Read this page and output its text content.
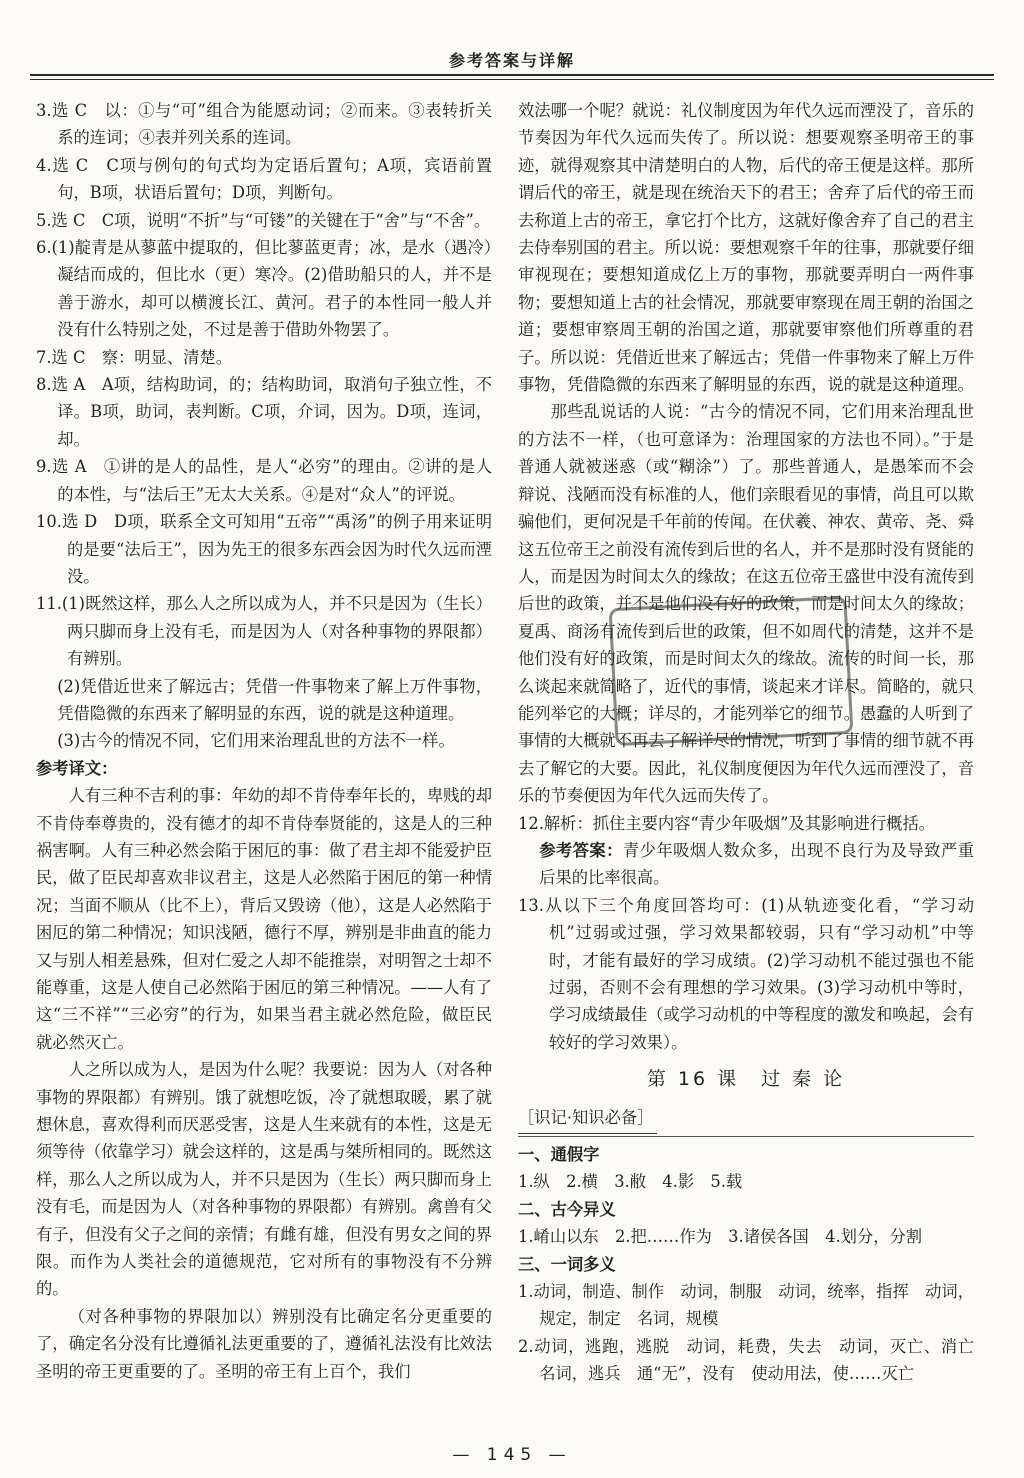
参考答案与详解

3.选 C　以：①与“可”组合为能愿动词；②而来。③表转折关系的连词；④表并列关系的连词。

4.选 C　C项与例句的句式均为定语后置句；A项，宾语前置句，B项，状语后置句；D项，判断句。

5.选 C　C项，说明“不折”与“可镂”的关键在于“舍”与“不舍”。

6.(1)靛青是从蓼蓝中提取的，但比蓼蓝更青；冰，是水（遇冷）凝结而成的，但比水（更）寒冷。(2)借助船只的人，并不是善于游水，却可以横渡长江、黄河。君子的本性同一般人并没有什么特别之处，不过是善于借助外物罢了。

7.选 C　察：明显、清楚。

8.选 A　A项，结构助词，的；结构助词，取消句子独立性，不译。B项，助词，表判断。C项，介词，因为。D项，连词，却。

9.选 A　①讲的是人的品性，是人“必穷”的理由。②讲的是人的本性，与“法后王”无太大关系。④是对“众人”的评说。

10.选 D　D项，联系全文可知用“五帝”“禹汤”的例子用来证明的是要“法后王”，因为先王的很多东西会因为时代久远而湮没。

11.(1)既然这样，那么人之所以成为人，并不只是因为（生长）两只脚而身上没有毛，而是因为人（对各种事物的界限都）有辨别。

(2)凭借近世来了解远古；凭借一件事物来了解上万件事物，凭借隐微的东西来了解明显的东西，说的就是这种道理。

(3)古今的情况不同，它们用来治理乱世的方法不一样。

参考译文：

人有三种不吉利的事：年幼的却不肯侍奉年长的，卑贱的却不肯侍奉尊贵的，没有德才的却不肯侍奉贤能的，这是人的三种祸害啊。人有三种必然会陷于困厄的事：做了君主却不能爱护臣民，做了臣民却喜欢非议君主，这是人必然陷于困厄的第一种情况；当面不顺从（比不上），背后又毁谤（他），这是人必然陷于困厄的第二种情况；知识浅陋，德行不厚，辨别是非曲直的能力又与别人相差悬殊，但对仁爱之人却不能推崇，对明智之士却不能尊重，这是人使自己必然陷于困厄的第三种情况。——人有了这“三不祥”“三必穷”的行为，如果当君主就必然危险，做臣民就必然灭亡。

人之所以成为人，是因为什么呢？我要说：因为人（对各种事物的界限都）有辨别。饿了就想吃饭，冷了就想取暖，累了就想休息，喜欢得利而厌恶受害，这是人生来就有的本性，这是无须等待（依靠学习）就会这样的，这是禹与桀所相同的。既然这样，那么人之所以成为人，并不只是因为（生长）两只脚而身上没有毛，而是因为人（对各种事物的界限都）有辨别。禽兽有父有子，但没有父子之间的亲情；有雌有雄，但没有男女之间的界限。而作为人类社会的道德规范，它对所有的事物没有不分辨的。

（对各种事物的界限加以）辨别没有比确定名分更重要的了，确定名分没有比遵循礼法更重要的了，遵循礼法没有比效法圣明的帝王更重要的了。圣明的帝王有上百个，我们

效法哪一个呢？就说：礼仪制度因为年代久远而湮没了，音乐的节奏因为年代久远而失传了。所以说：想要观察圣明帝王的事迹，就得观察其中清楚明白的人物，后代的帝王便是这样。那所谓后代的帝王，就是现在统治天下的君王；舍弃了后代的帝王而去称道上古的帝王，拿它打个比方，这就好像舍弃了自己的君主去侍奉别国的君主。所以说：要想观察千年的往事，那就要仔细审视现在；要想知道成亿上万的事物，那就要弄明白一两件事物；要想知道上古的社会情况，那就要审察现在周王朝的治国之道；要想审察周王朝的治国之道，那就要审察他们所尊重的君子。所以说：凭借近世来了解远古；凭借一件事物来了解上万件事物，凭借隐微的东西来了解明显的东西，说的就是这种道理。

那些乱说话的人说：“古今的情况不同，它们用来治理乱世的方法不一样，（也可意译为：治理国家的方法也不同）。”于是普通人就被迷惑（或“糊涂”）了。那些普通人，是愚笨而不会辩说、浅陋而没有标准的人，他们亲眼看见的事情，尚且可以欺骗他们，更何况是千年前的传闻。在伏羲、神农、黄帝、尧、舜这五位帝王之前没有流传到后世的名人，并不是那时没有贤能的人，而是因为时间太久的缘故；在这五位帝王盛世中没有流传到后世的政策，并不是他们没有好的政策，而是时间太久的缘故；夏禹、商汤有流传到后世的政策，但不如周代的清楚，这并不是他们没有好的政策，而是时间太久的缘故。流传的时间一长，那么谈起来就简略了，近代的事情，谈起来才详尽。简略的，就只能列举它的大概；详尽的，才能列举它的细节。愚蠢的人听到了事情的大概就不再去了解详尽的情况，听到了事情的细节就不再去了解它的大要。因此，礼仪制度便因为年代久远而湮没了，音乐的节奏便因为年代久远而失传了。

12.解析：抓住主要内容“青少年吸烟”及其影响进行概括。

参考答案：青少年吸烟人数众多，出现不良行为及导致严重后果的比率很高。

13.从以下三个角度回答均可：(1)从轨迹变化看，“学习动机”过弱或过强，学习效果都较弱，只有“学习动机”中等时，才能有最好的学习成绩。(2)学习动机不能过强也不能过弱，否则不会有理想的学习效果。(3)学习动机中等时，学习成绩最佳（或学习动机的中等程度的激发和唤起，会有较好的学习效果）。

第 16 课　过 秦 论
［识记·知识必备］

一、通假字

1.纵　2.横　3.敝　4.影　5.载

二、古今异义

1.崤山以东　2.把……作为　3.诸侯各国　4.划分，分割

三、一词多义

1.动词，制造、制作　动词，制服　动词，统率，指挥　动词，规定，制定　名词，规模

2.动词，逃跑，逃脱　动词，耗费，失去　动词，灭亡、消亡　名词，逃兵　通“无”，没有　使动用法，使……灭亡

— 145 —
